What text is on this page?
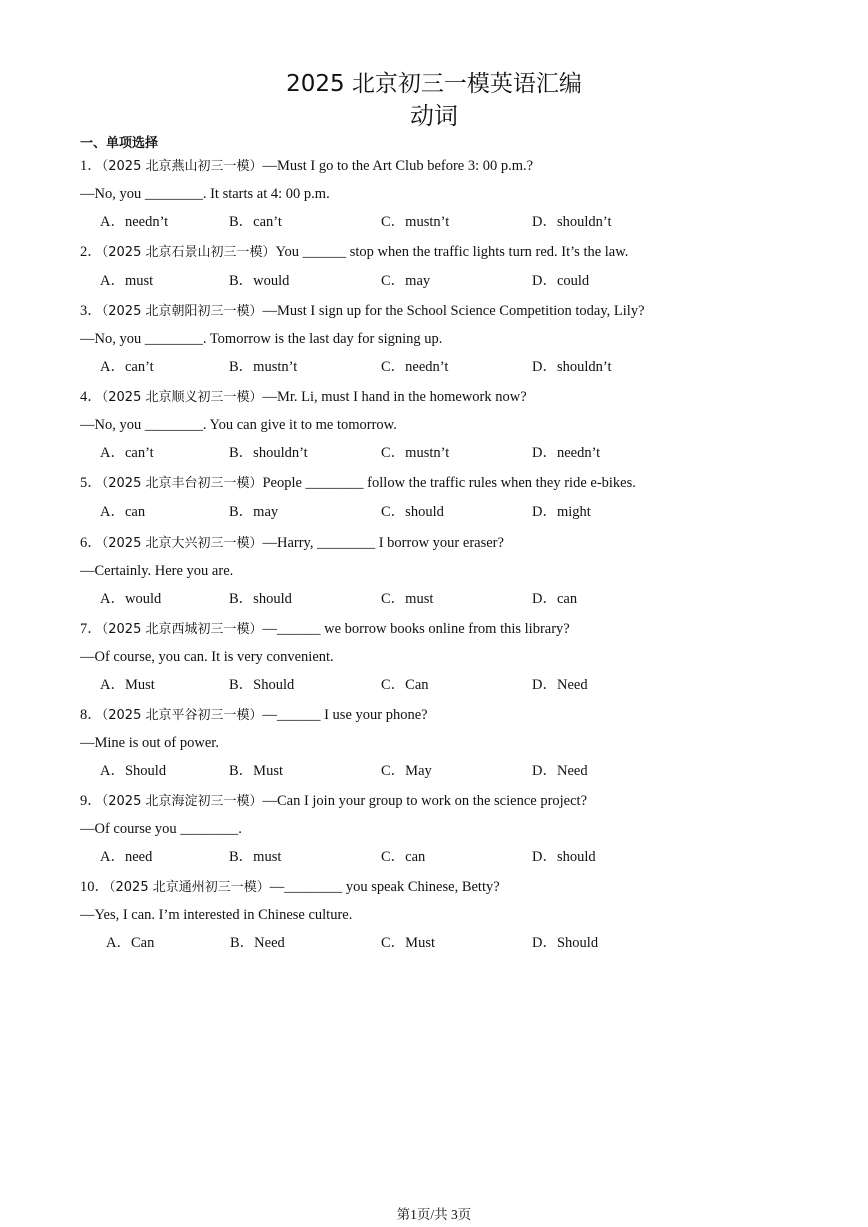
2025 北京初三一模英语汇编
动词
一、单项选择
1．（2025 北京燕山初三一模）—Must I go to the Art Club before 3: 00 p.m.?
—No, you ________. It starts at 4: 00 p.m.
A．needn’t	B．can’t	C．mustn’t	D．shouldn’t
2．（2025 北京石景山初三一模）You ______ stop when the traffic lights turn red. It’s the law.
A．must	B．would	C．may	D．could
3．（2025 北京朝阳初三一模）—Must I sign up for the School Science Competition today, Lily?
—No, you ________. Tomorrow is the last day for signing up.
A．can’t	B．mustn’t	C．needn’t	D．shouldn’t
4．（2025 北京顺义初三一模）—Mr. Li, must I hand in the homework now?
—No, you ________. You can give it to me tomorrow.
A．can’t	B．shouldn’t	C．mustn’t	D．needn’t
5．（2025 北京丰台初三一模）People ________ follow the traffic rules when they ride e-bikes.
A．can	B．may	C．should	D．might
6．（2025 北京大兴初三一模）—Harry, ________ I borrow your eraser?
—Certainly. Here you are.
A．would	B．should	C．must	D．can
7．（2025 北京西城初三一模）—______ we borrow books online from this library?
—Of course, you can. It is very convenient.
A．Must	B．Should	C．Can	D．Need
8．（2025 北京平谷初三一模）—______ I use your phone?
—Mine is out of power.
A．Should	B．Must	C．May	D．Need
9．（2025 北京海淀初三一模）—Can I join your group to work on the science project?
—Of course you ________.
A．need	B．must	C．can	D．should
10．（2025 北京通州初三一模）—________ you speak Chinese, Betty?
—Yes, I can. I’m interested in Chinese culture.
A．Can	B．Need	C．Must	D．Should
第1页/共 3页
